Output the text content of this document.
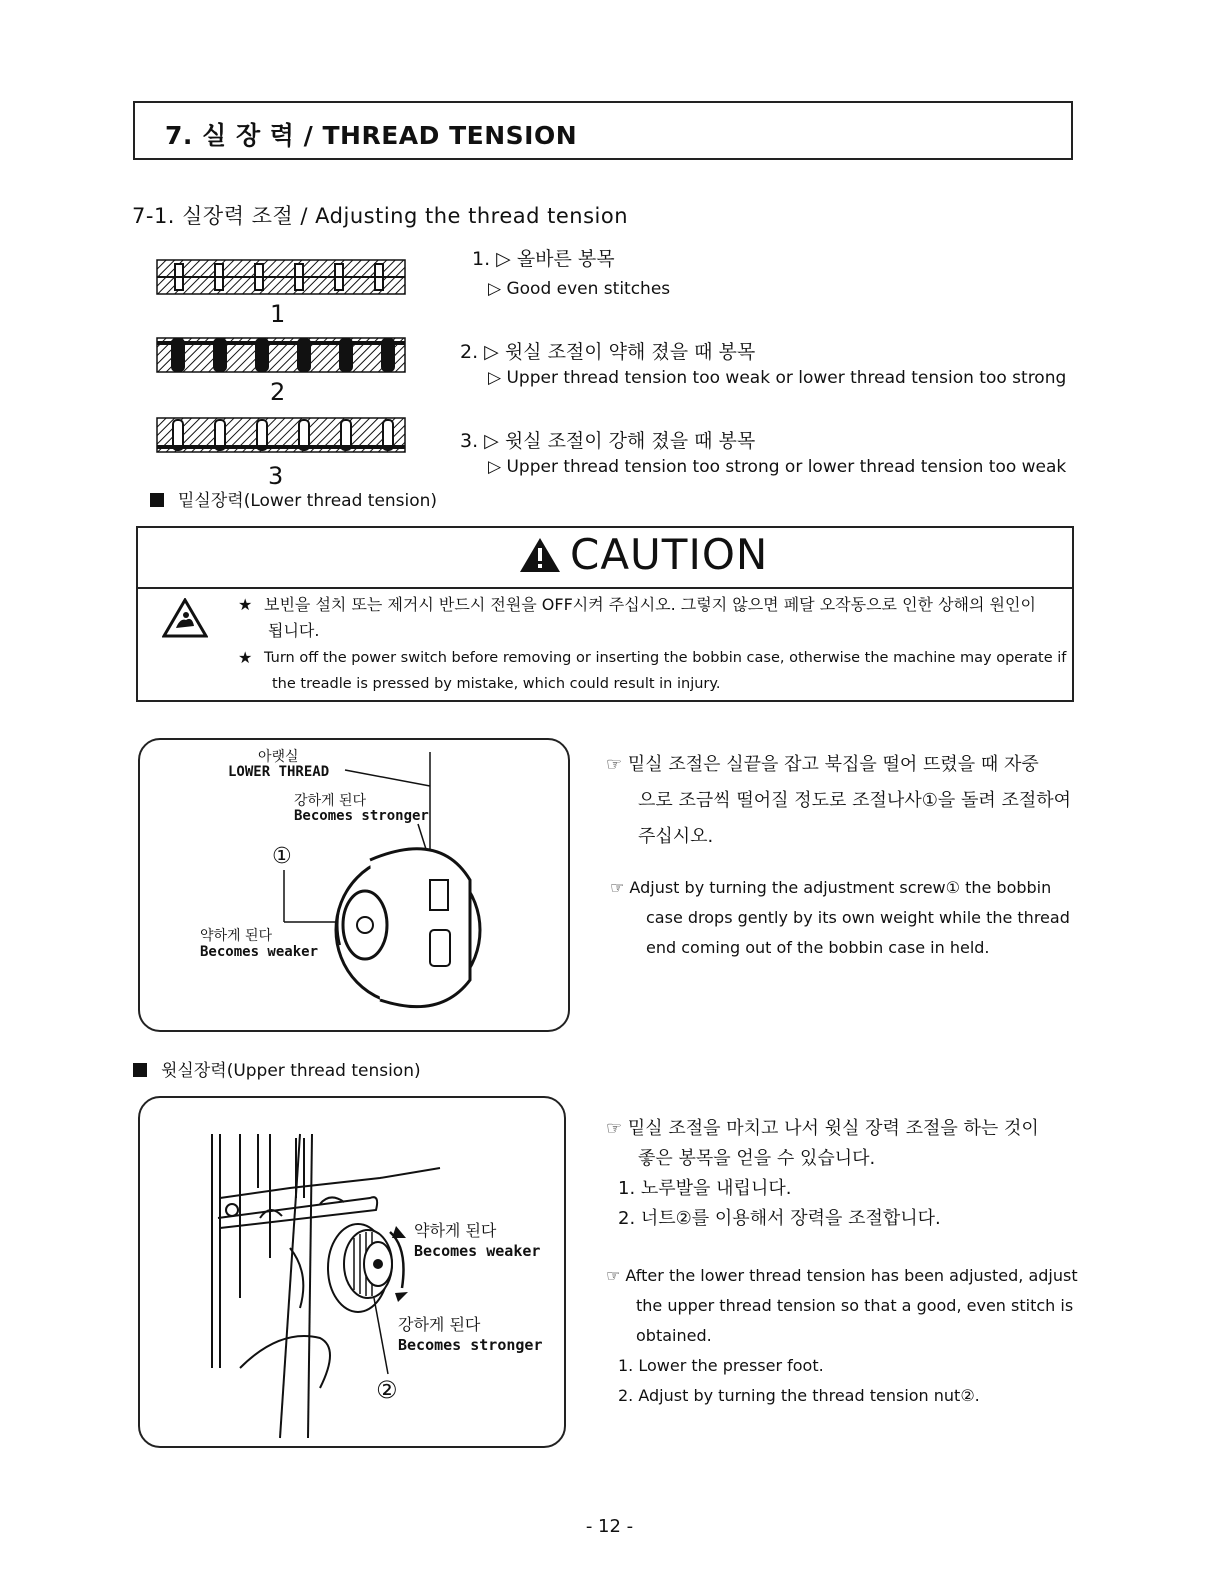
7. 실 장 력 / THREAD TENSION
7-1. 실장력 조절 / Adjusting the thread tension
1
2
3
1. ▷ 올바른 봉목
▷ Good even stitches
2. ▷ 윗실 조절이 약해 졌을 때 봉목
▷ Upper thread tension too weak or lower thread tension too strong
3. ▷ 윗실 조절이 강해 졌을 때 봉목
▷ Upper thread tension too strong or lower thread tension too weak
밑실장력(Lower thread tension)
CAUTION
★ 보빈을 설치 또는 제거시 반드시 전원을 OFF시켜 주십시오. 그렇지 않으면 페달 오작동으로 인한 상해의 원인이
됩니다.
★ Turn off the power switch before removing or inserting the bobbin case, otherwise the machine may operate if
the treadle is pressed by mistake, which could result in injury.
아랫실
LOWER THREAD
강하게 된다
Becomes stronger
①
약하게 된다
Becomes weaker
☞ 밑실 조절은 실끝을 잡고 북집을 떨어 뜨렸을 때 자중
으로 조금씩 떨어질 정도로 조절나사①을 돌려 조절하여
주십시오.
☞ Adjust by turning the adjustment screw① the bobbin
case drops gently by its own weight while the thread
end coming out of the bobbin case in held.
윗실장력(Upper thread tension)
약하게 된다
Becomes weaker
강하게 된다
Becomes stronger
②
☞ 밑실 조절을 마치고 나서 윗실 장력 조절을 하는 것이
좋은 봉목을 얻을 수 있습니다.
1. 노루발을 내립니다.
2. 너트②를 이용해서 장력을 조절합니다.
☞ After the lower thread tension has been adjusted, adjust
the upper thread tension so that a good, even stitch is
obtained.
1. Lower the presser foot.
2. Adjust by turning the thread tension nut②.
- 12 -
